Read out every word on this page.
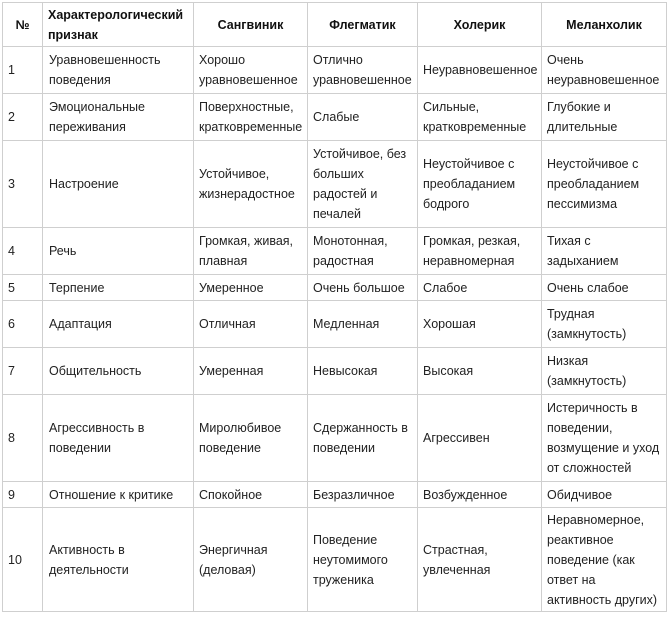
№	Характерологический признак	Сангвиник	Флегматик	Холерик	Меланхолик
1	Уравновешенность поведения	Хорошо уравновешенное	Отлично уравновешенное	Неуравновешенное	Очень неуравновешенное
2	Эмоциональные переживания	Поверхностные, кратковременные	Слабые	Сильные, кратковременные	Глубокие и длительные
3	Настроение	Устойчивое, жизнерадостное	Устойчивое, без больших радостей и печалей	Неустойчивое с преобладанием бодрого	Неустойчивое с преобладанием пессимизма
4	Речь	Громкая, живая, плавная	Монотонная, радостная	Громкая, резкая, неравномерная	Тихая с задыханием
5	Терпение	Умеренное	Очень большое	Слабое	Очень слабое
6	Адаптация	Отличная	Медленная	Хорошая	Трудная (замкнутость)
7	Общительность	Умеренная	Невысокая	Высокая	Низкая (замкнутость)
8	Агрессивность в поведении	Миролюбивое поведение	Сдержанность в поведении	Агрессивен	Истеричность в поведении, возмущение и уход от сложностей
9	Отношение к критике	Спокойное	Безразличное	Возбужденное	Обидчивое
10	Активность в деятельности	Энергичная (деловая)	Поведение неутомимого труженика	Страстная, увлеченная	Неравномерное, реактивное поведение (как ответ на активность других)
